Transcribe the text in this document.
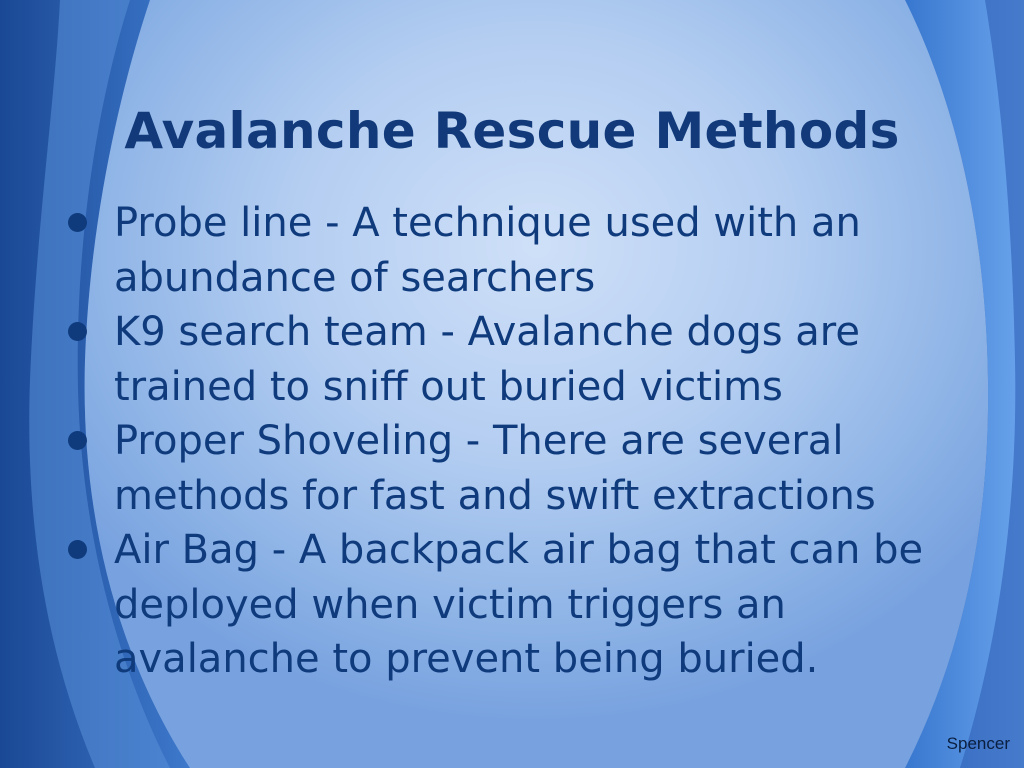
Avalanche Rescue Methods
Probe line - A technique used with an abundance of searchers
K9 search team - Avalanche dogs are trained to sniff out buried victims
Proper Shoveling - There are several methods for fast and swift extractions
Air Bag - A backpack air bag that can be deployed when victim triggers an avalanche to prevent being buried.
Spencer
